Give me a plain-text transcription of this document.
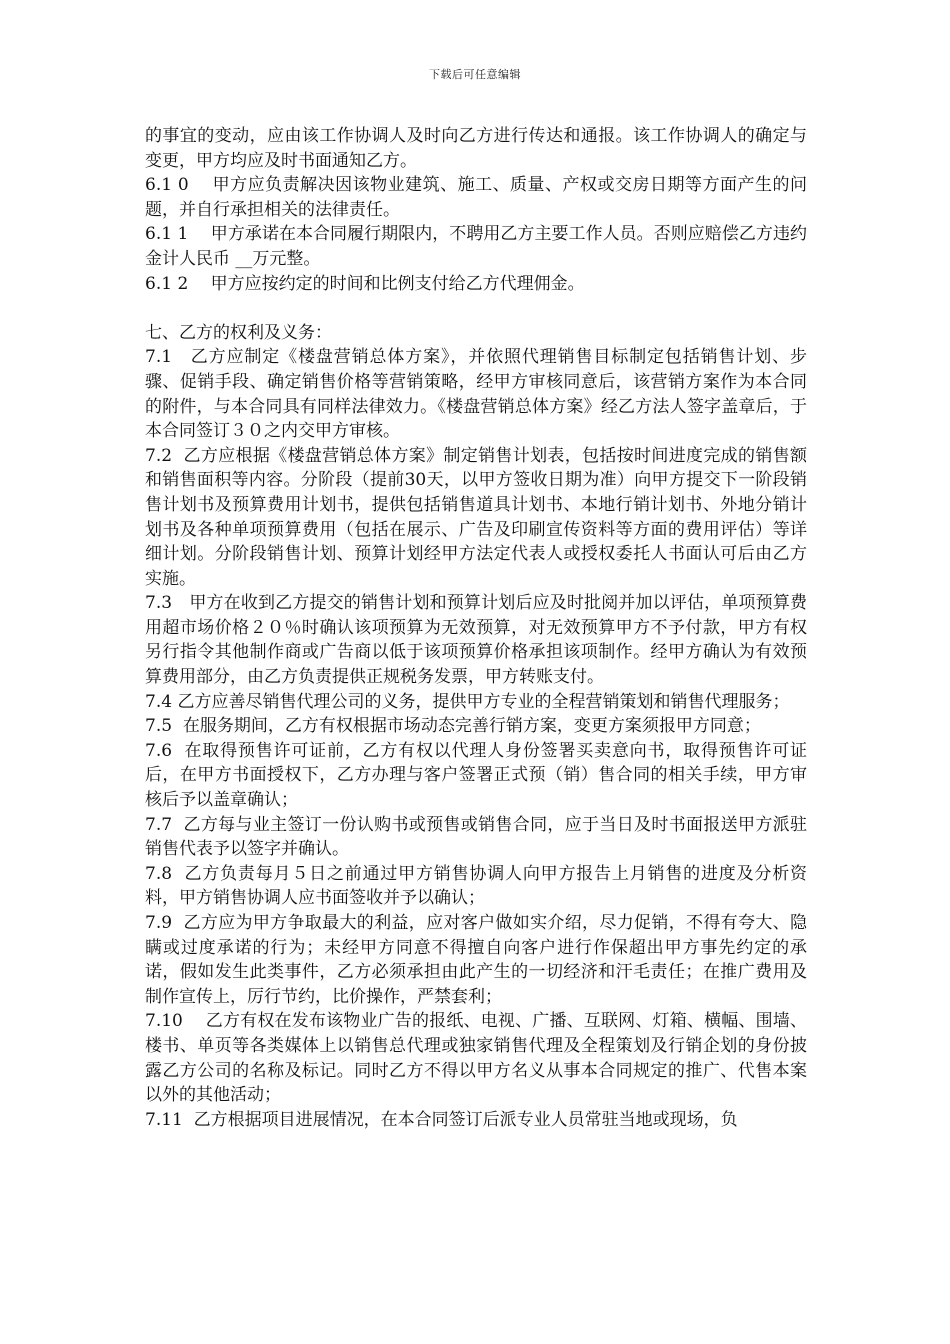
下载后可任意编辑

的事宜的变动，应由该工作协调人及时向乙方进行传达和通报。该工作协调人的确定与变更，甲方均应及时书面通知乙方。

6.1 0　 甲方应负责解决因该物业建筑、施工、质量、产权或交房日期等方面产生的问题，并自行承担相关的法律责任。

6.1 1　 甲方承诺在本合同履行期限内，不聘用乙方主要工作人员。否则应赔偿乙方违约金计人民币 __万元整。

6.1 2　 甲方应按约定的时间和比例支付给乙方代理佣金。

七、乙方的权利及义务：

7.1　乙方应制定《楼盘营销总体方案》，并依照代理销售目标制定包括销售计划、步骤、促销手段、确定销售价格等营销策略，经甲方审核同意后，该营销方案作为本合同的附件，与本合同具有同样法律效力。《楼盘营销总体方案》经乙方法人签字盖章后，于本合同签订３０之内交甲方审核。

7.2  乙方应根据《楼盘营销总体方案》制定销售计划表，包括按时间进度完成的销售额和销售面积等内容。分阶段（提前30天，以甲方签收日期为准）向甲方提交下一阶段销售计划书及预算费用计划书，提供包括销售道具计划书、本地行销计划书、外地分销计划书及各种单项预算费用（包括在展示、广告及印刷宣传资料等方面的费用评估）等详细计划。分阶段销售计划、预算计划经甲方法定代表人或授权委托人书面认可后由乙方实施。

7.3　甲方在收到乙方提交的销售计划和预算计划后应及时批阅并加以评估，单项预算费用超市场价格２０％时确认该项预算为无效预算，对无效预算甲方不予付款，甲方有权另行指令其他制作商或广告商以低于该项预算价格承担该项制作。经甲方确认为有效预算费用部分，由乙方负责提供正规税务发票，甲方转账支付。

7.4 乙方应善尽销售代理公司的义务，提供甲方专业的全程营销策划和销售代理服务；

7.5  在服务期间，乙方有权根据市场动态完善行销方案，变更方案须报甲方同意；

7.6  在取得预售许可证前，乙方有权以代理人身份签署买卖意向书，取得预售许可证后，在甲方书面授权下，乙方办理与客户签署正式预（销）售合同的相关手续，甲方审核后予以盖章确认；

7.7  乙方每与业主签订一份认购书或预售或销售合同，应于当日及时书面报送甲方派驻销售代表予以签字并确认。

7.8  乙方负责每月５日之前通过甲方销售协调人向甲方报告上月销售的进度及分析资料，甲方销售协调人应书面签收并予以确认；

7.9  乙方应为甲方争取最大的利益，应对客户做如实介绍，尽力促销，不得有夸大、隐瞒或过度承诺的行为；未经甲方同意不得擅自向客户进行作保超出甲方事先约定的承诺，假如发生此类事件，乙方必须承担由此产生的一切经济和汗毛责任；在推广费用及制作宣传上，厉行节约，比价操作，严禁套利；

7.10　 乙方有权在发布该物业广告的报纸、电视、广播、互联网、灯箱、横幅、围墙、楼书、单页等各类媒体上以销售总代理或独家销售代理及全程策划及行销企划的身份披露乙方公司的名称及标记。同时乙方不得以甲方名义从事本合同规定的推广、代售本案以外的其他活动；

7.11  乙方根据项目进展情况，在本合同签订后派专业人员常驻当地或现场，负
